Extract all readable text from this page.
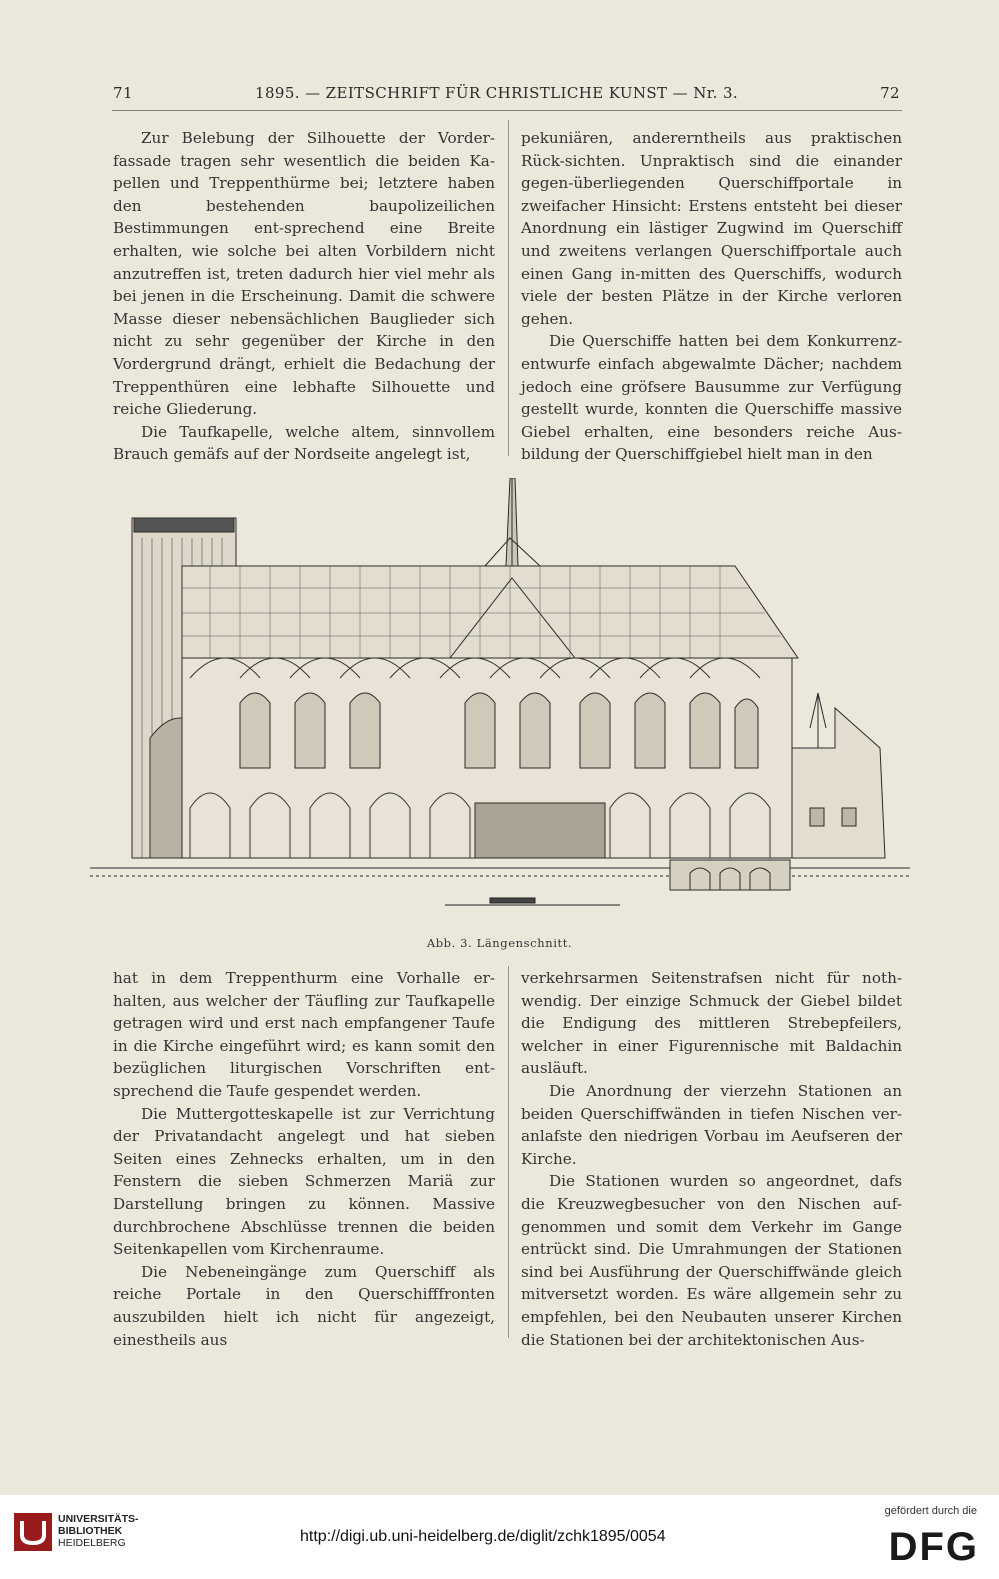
71	1895. — ZEITSCHRIFT FÜR CHRISTLICHE KUNST — Nr. 3.	72

Zur Belebung der Silhouette der Vorder-fassade tragen sehr wesentlich die beiden Ka-pellen und Treppenthürme bei; letztere haben den bestehenden baupolizeilichen Bestimmungen ent-sprechend eine Breite erhalten, wie solche bei alten Vorbildern nicht anzutreffen ist, treten dadurch hier viel mehr als bei jenen in die Erscheinung. Damit die schwere Masse dieser nebensächlichen Bauglieder sich nicht zu sehr gegenüber der Kirche in den Vordergrund drängt, erhielt die Bedachung der Treppenthüren eine lebhafte Silhouette und reiche Gliederung.

Die Taufkapelle, welche altem, sinnvollem Brauch gemäfs auf der Nordseite angelegt ist,

pekuniären, andererntheils aus praktischen Rück-sichten. Unpraktisch sind die einander gegen-überliegenden Querschiffportale in zweifacher Hinsicht: Erstens entsteht bei dieser Anordnung ein lästiger Zugwind im Querschiff und zweitens verlangen Querschiffportale auch einen Gang in-mitten des Querschiffs, wodurch viele der besten Plätze in der Kirche verloren gehen.

Die Querschiffe hatten bei dem Konkurrenz-entwurfe einfach abgewalmte Dächer; nachdem jedoch eine gröfsere Bausumme zur Verfügung gestellt wurde, konnten die Querschiffe massive Giebel erhalten, eine besonders reiche Aus-bildung der Querschiffgiebel hielt man in den

Abb. 3. Längenschnitt.

hat in dem Treppenthurm eine Vorhalle er-halten, aus welcher der Täufling zur Taufkapelle getragen wird und erst nach empfangener Taufe in die Kirche eingeführt wird; es kann somit den bezüglichen liturgischen Vorschriften ent-sprechend die Taufe gespendet werden.

Die Muttergotteskapelle ist zur Verrichtung der Privatandacht angelegt und hat sieben Seiten eines Zehnecks erhalten, um in den Fenstern die sieben Schmerzen Mariä zur Darstellung bringen zu können. Massive durchbrochene Abschlüsse trennen die beiden Seitenkapellen vom Kirchenraume.

Die Nebeneingänge zum Querschiff als reiche Portale in den Querschifffronten auszubilden hielt ich nicht für angezeigt, einestheils aus

verkehrsarmen Seitenstrafsen nicht für noth-wendig. Der einzige Schmuck der Giebel bildet die Endigung des mittleren Strebepfeilers, welcher in einer Figurennische mit Baldachin ausläuft.

Die Anordnung der vierzehn Stationen an beiden Querschiffwänden in tiefen Nischen ver-anlafste den niedrigen Vorbau im Aeufseren der Kirche.

Die Stationen wurden so angeordnet, dafs die Kreuzwegbesucher von den Nischen auf-genommen und somit dem Verkehr im Gange entrückt sind. Die Umrahmungen der Stationen sind bei Ausführung der Querschiffwände gleich mitversetzt worden. Es wäre allgemein sehr zu empfehlen, bei den Neubauten unserer Kirchen die Stationen bei der architektonischen Aus-

UNIVERSITÄTS-
BIBLIOTHEK
HEIDELBERG	http://digi.ub.uni-heidelberg.de/diglit/zchk1895/0054
gefördert durch die
DFG
